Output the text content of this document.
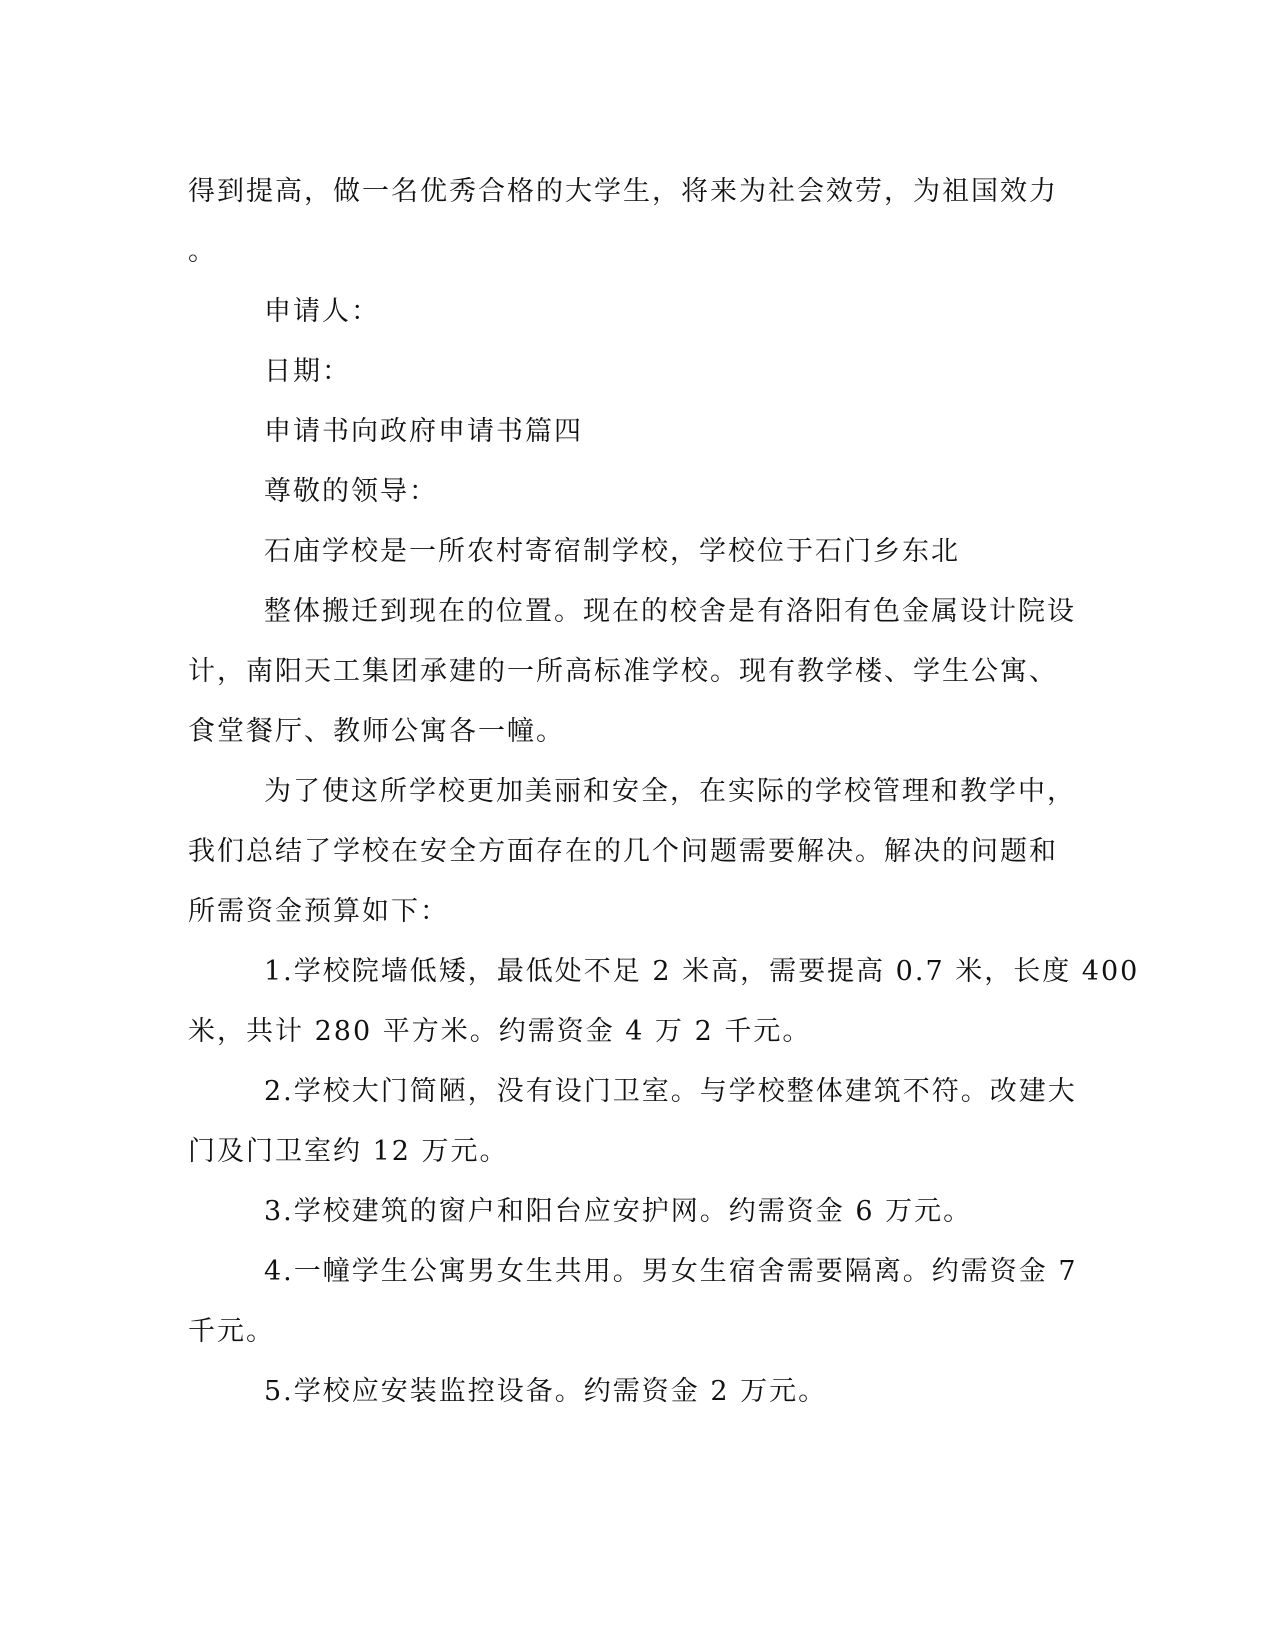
得到提高，做一名优秀合格的大学生，将来为社会效劳，为祖国效力
。
申请人：
日期：
申请书向政府申请书篇四
尊敬的领导：
石庙学校是一所农村寄宿制学校，学校位于石门乡东北
整体搬迁到现在的位置。现在的校舍是有洛阳有色金属设计院设
计，南阳天工集团承建的一所高标准学校。现有教学楼、学生公寓、
食堂餐厅、教师公寓各一幢。
为了使这所学校更加美丽和安全，在实际的学校管理和教学中，
我们总结了学校在安全方面存在的几个问题需要解决。解决的问题和
所需资金预算如下：
1.学校院墙低矮，最低处不足 2 米高，需要提高 0.7 米，长度 400
米，共计 280 平方米。约需资金 4 万 2 千元。
2.学校大门简陋，没有设门卫室。与学校整体建筑不符。改建大
门及门卫室约 12 万元。
3.学校建筑的窗户和阳台应安护网。约需资金 6 万元。
4.一幢学生公寓男女生共用。男女生宿舍需要隔离。约需资金 7
千元。
5.学校应安装监控设备。约需资金 2 万元。
